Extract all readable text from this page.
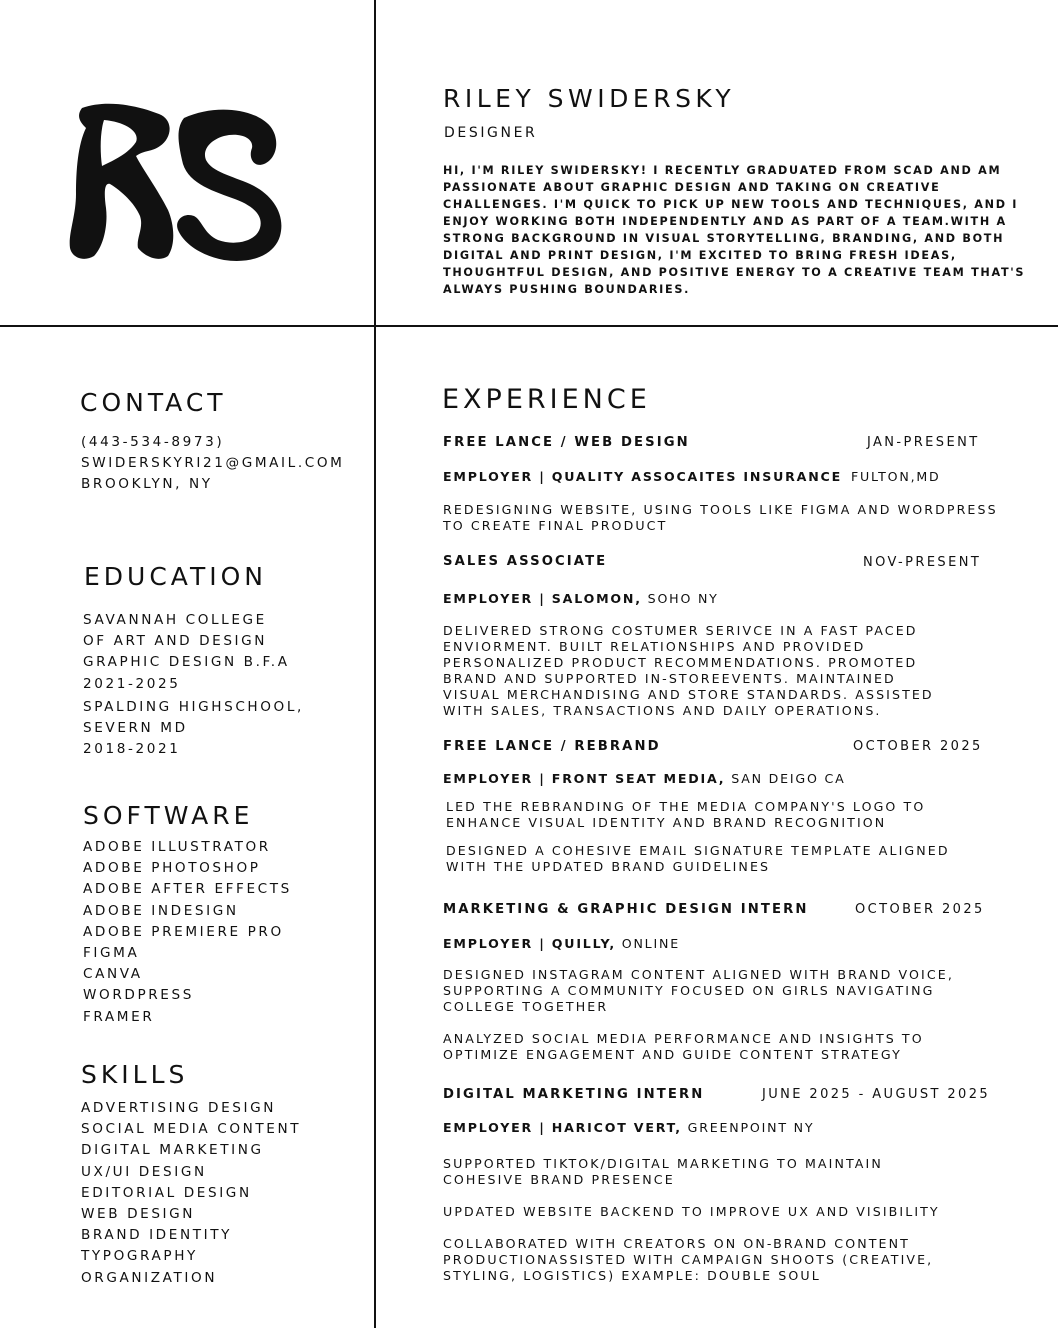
RILEY SWIDERSKY
DESIGNER
HI, I'M RILEY SWIDERSKY! I RECENTLY GRADUATED FROM SCAD AND AM PASSIONATE ABOUT GRAPHIC DESIGN AND TAKING ON CREATIVE CHALLENGES. I'M QUICK TO PICK UP NEW TOOLS AND TECHNIQUES, AND I ENJOY WORKING BOTH INDEPENDENTLY AND AS PART OF A TEAM.WITH A STRONG BACKGROUND IN VISUAL STORYTELLING, BRANDING, AND BOTH DIGITAL AND PRINT DESIGN, I'M EXCITED TO BRING FRESH IDEAS, THOUGHTFUL DESIGN, AND POSITIVE ENERGY TO A CREATIVE TEAM THAT'S ALWAYS PUSHING BOUNDARIES.
CONTACT
(443-534-8973)
SWIDERSKYRI21@GMAIL.COM
BROOKLYN, NY
EDUCATION
SAVANNAH COLLEGE
OF ART AND DESIGN
GRAPHIC DESIGN B.F.A
2021-2025
SPALDING HIGHSCHOOL,
SEVERN MD
2018-2021
SOFTWARE
ADOBE ILLUSTRATOR
ADOBE PHOTOSHOP
ADOBE AFTER EFFECTS
ADOBE INDESIGN
ADOBE PREMIERE PRO
FIGMA
CANVA
WORDPRESS
FRAMER
SKILLS
ADVERTISING DESIGN
SOCIAL MEDIA CONTENT
DIGITAL MARKETING
UX/UI DESIGN
EDITORIAL DESIGN
WEB DESIGN
BRAND IDENTITY
TYPOGRAPHY
ORGANIZATION
EXPERIENCE
FREE LANCE / WEB DESIGN	JAN-PRESENT
EMPLOYER | QUALITY ASSOCAITES INSURANCE FULTON,MD
REDESIGNING WEBSITE, USING TOOLS LIKE FIGMA AND WORDPRESS TO CREATE FINAL PRODUCT
SALES ASSOCIATE	NOV-PRESENT
EMPLOYER | SALOMON, SOHO NY
DELIVERED STRONG COSTUMER SERIVCE IN A FAST PACED ENVIORMENT. BUILT RELATIONSHIPS AND PROVIDED PERSONALIZED PRODUCT RECOMMENDATIONS. PROMOTED BRAND AND SUPPORTED IN-STOREEVENTS. MAINTAINED VISUAL MERCHANDISING AND STORE STANDARDS. ASSISTED WITH SALES, TRANSACTIONS AND DAILY OPERATIONS.
FREE LANCE / REBRAND	OCTOBER 2025
EMPLOYER | FRONT SEAT MEDIA, SAN DEIGO CA
LED THE REBRANDING OF THE MEDIA COMPANY'S LOGO TO ENHANCE VISUAL IDENTITY AND BRAND RECOGNITION
DESIGNED A COHESIVE EMAIL SIGNATURE TEMPLATE ALIGNED WITH THE UPDATED BRAND GUIDELINES
MARKETING & GRAPHIC DESIGN INTERN	OCTOBER 2025
EMPLOYER | QUILLY, ONLINE
DESIGNED INSTAGRAM CONTENT ALIGNED WITH BRAND VOICE, SUPPORTING A COMMUNITY FOCUSED ON GIRLS NAVIGATING COLLEGE TOGETHER
ANALYZED SOCIAL MEDIA PERFORMANCE AND INSIGHTS TO OPTIMIZE ENGAGEMENT AND GUIDE CONTENT STRATEGY
DIGITAL MARKETING INTERN	JUNE 2025 - AUGUST 2025
EMPLOYER | HARICOT VERT, GREENPOINT NY
SUPPORTED TIKTOK/DIGITAL MARKETING TO MAINTAIN COHESIVE BRAND PRESENCE
UPDATED WEBSITE BACKEND TO IMPROVE UX AND VISIBILITY
COLLABORATED WITH CREATORS ON ON-BRAND CONTENT PRODUCTIONASSISTED WITH CAMPAIGN SHOOTS (CREATIVE, STYLING, LOGISTICS) EXAMPLE: DOUBLE SOUL
